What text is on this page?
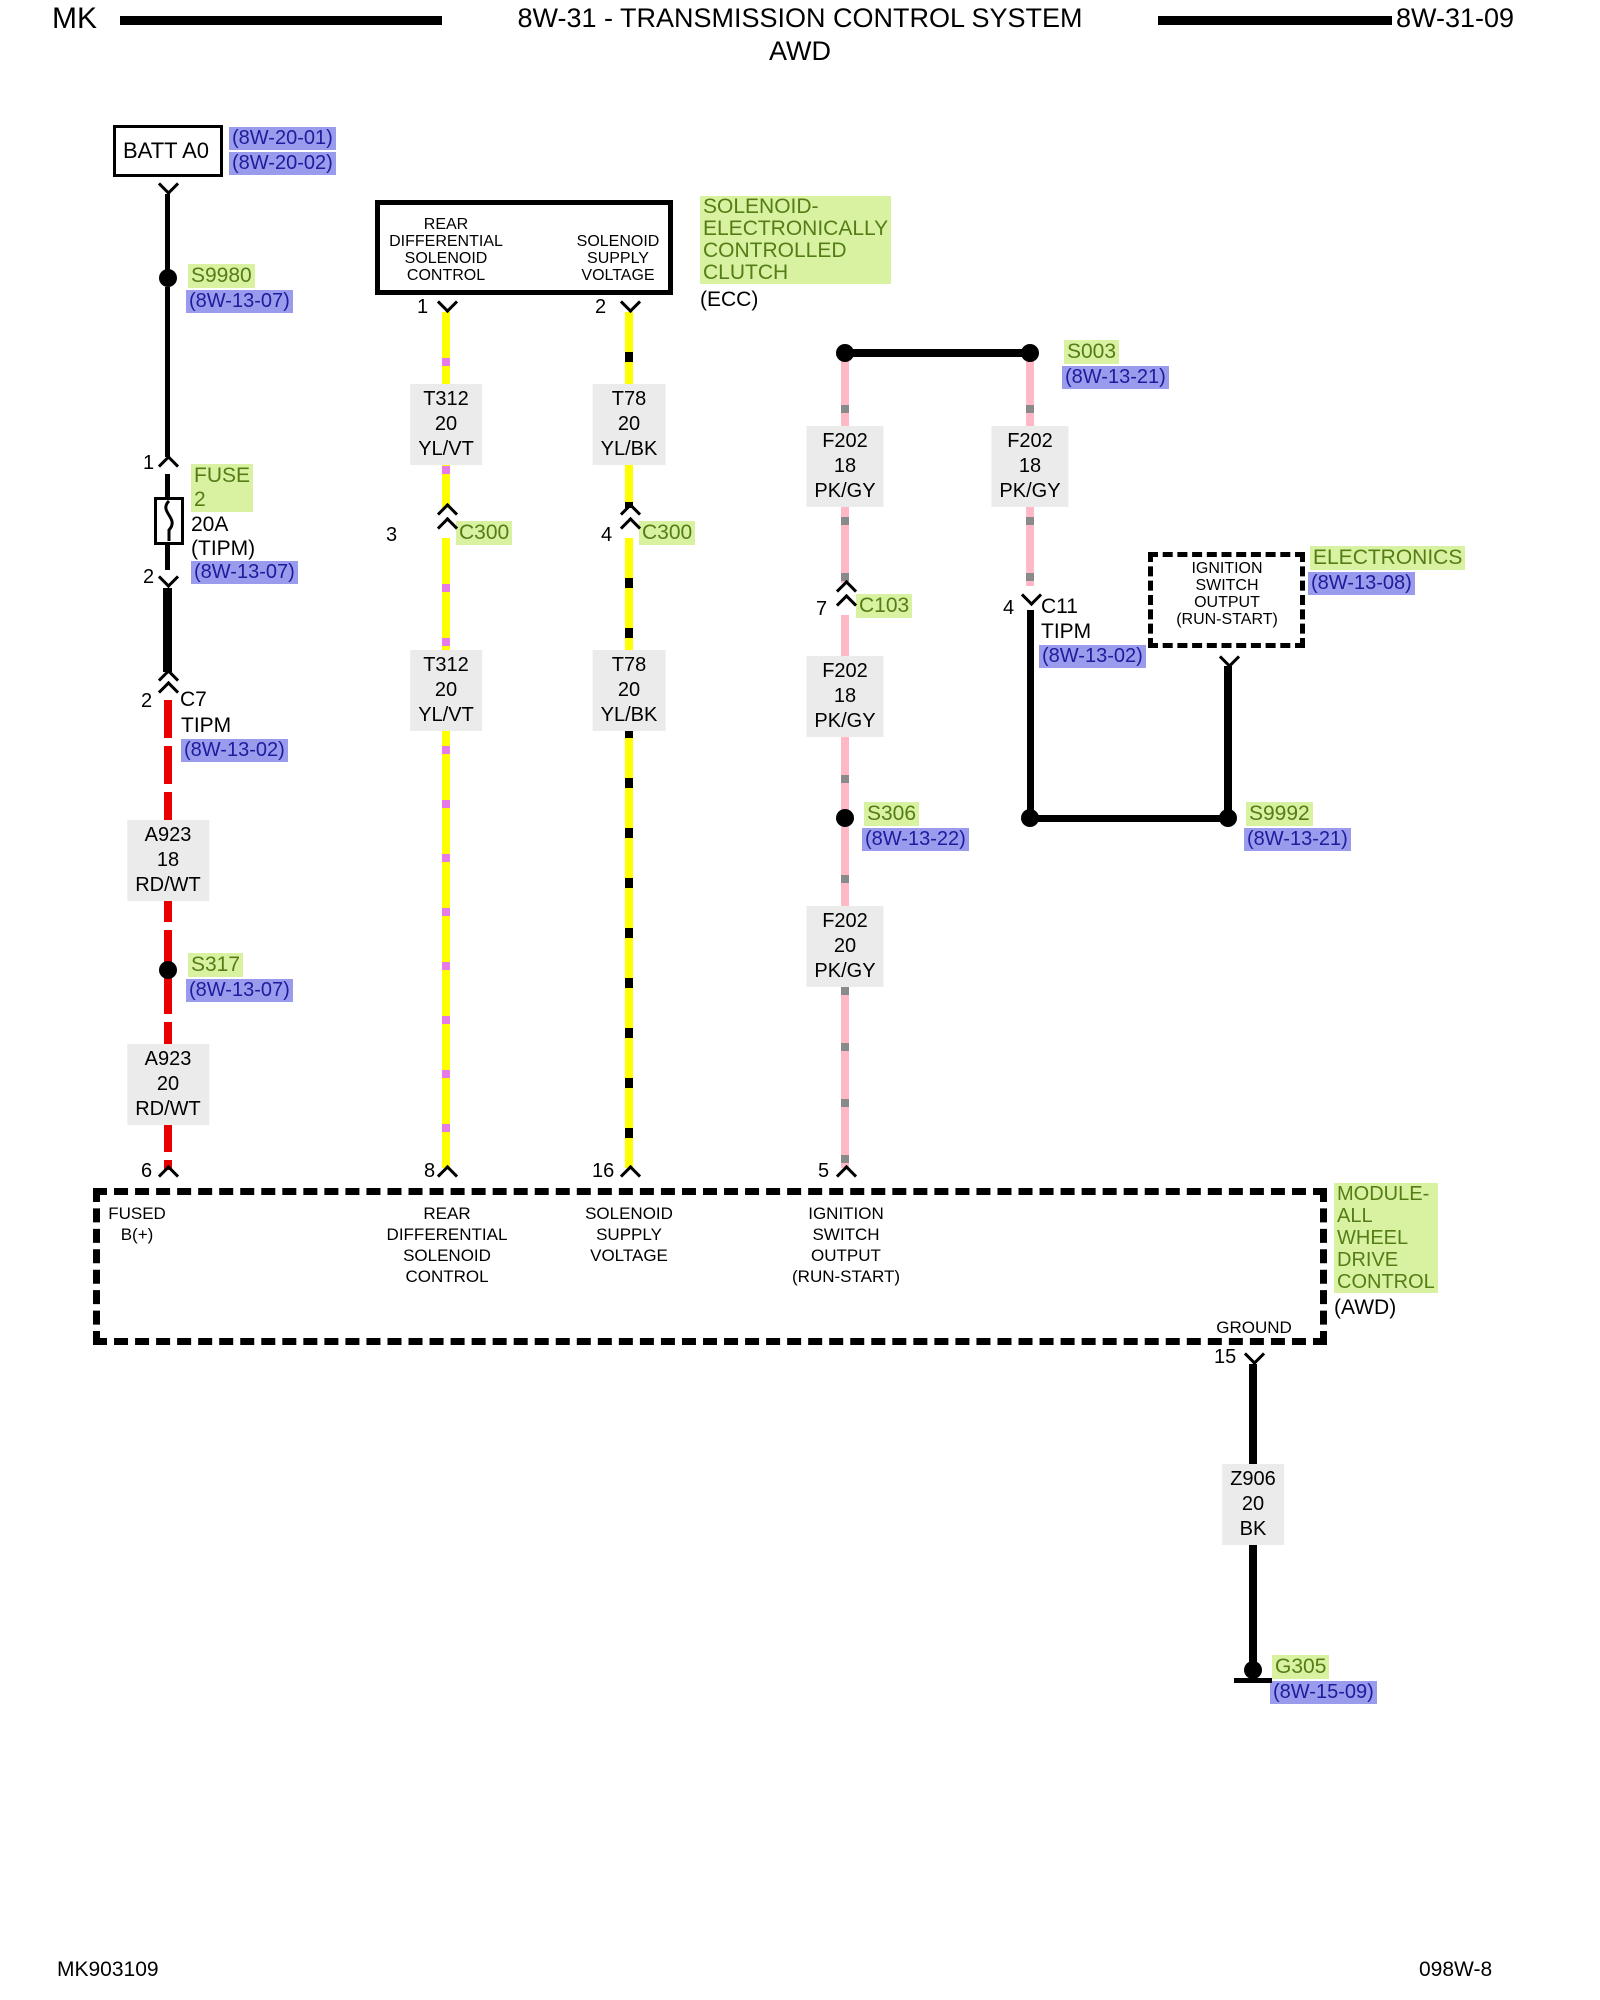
MK	8W-31 - TRANSMISSION CONTROL SYSTEM	8W-31-09
AWD
BATT A0 (8W-20-01)
(8W-20-02)
S9980
(8W-13-07)
1
FUSE
2
20A
(TIPM)
(8W-13-07)
2
2 C7
TIPM
(8W-13-02)
A923
18
RD/WT
S317
(8W-13-07)
A923
20
RD/WT
6
REAR
DIFFERENTIAL
SOLENOID
CONTROL
SOLENOID
SUPPLY
VOLTAGE
SOLENOID-
ELECTRONICALLY
CONTROLLED
CLUTCH
(ECC)
1	2
3	C300
T312
20
YL/VT
T312
20
YL/VT
8
4 C300
T78
20
YL/BK
T78
20
YL/BK
16
S003
(8W-13-21)
F202
18
PK/GY
7 C103
F202
18
PK/GY
S306
(8W-13-22)
F202
20
PK/GY
5
F202
18
PK/GY
4 C11
TIPM
(8W-13-02)
IGNITION
SWITCH
OUTPUT
(RUN-START)
ELECTRONICS
(8W-13-08)
S9992
(8W-13-21)
FUSED
B(+)
REAR
DIFFERENTIAL
SOLENOID
CONTROL
SOLENOID
SUPPLY
VOLTAGE
IGNITION
SWITCH
OUTPUT
(RUN-START)
GROUND
MODULE-
ALL
WHEEL
DRIVE
CONTROL
(AWD)
15
Z906
20
BK
G305
(8W-15-09)
MK903109	098W-8
